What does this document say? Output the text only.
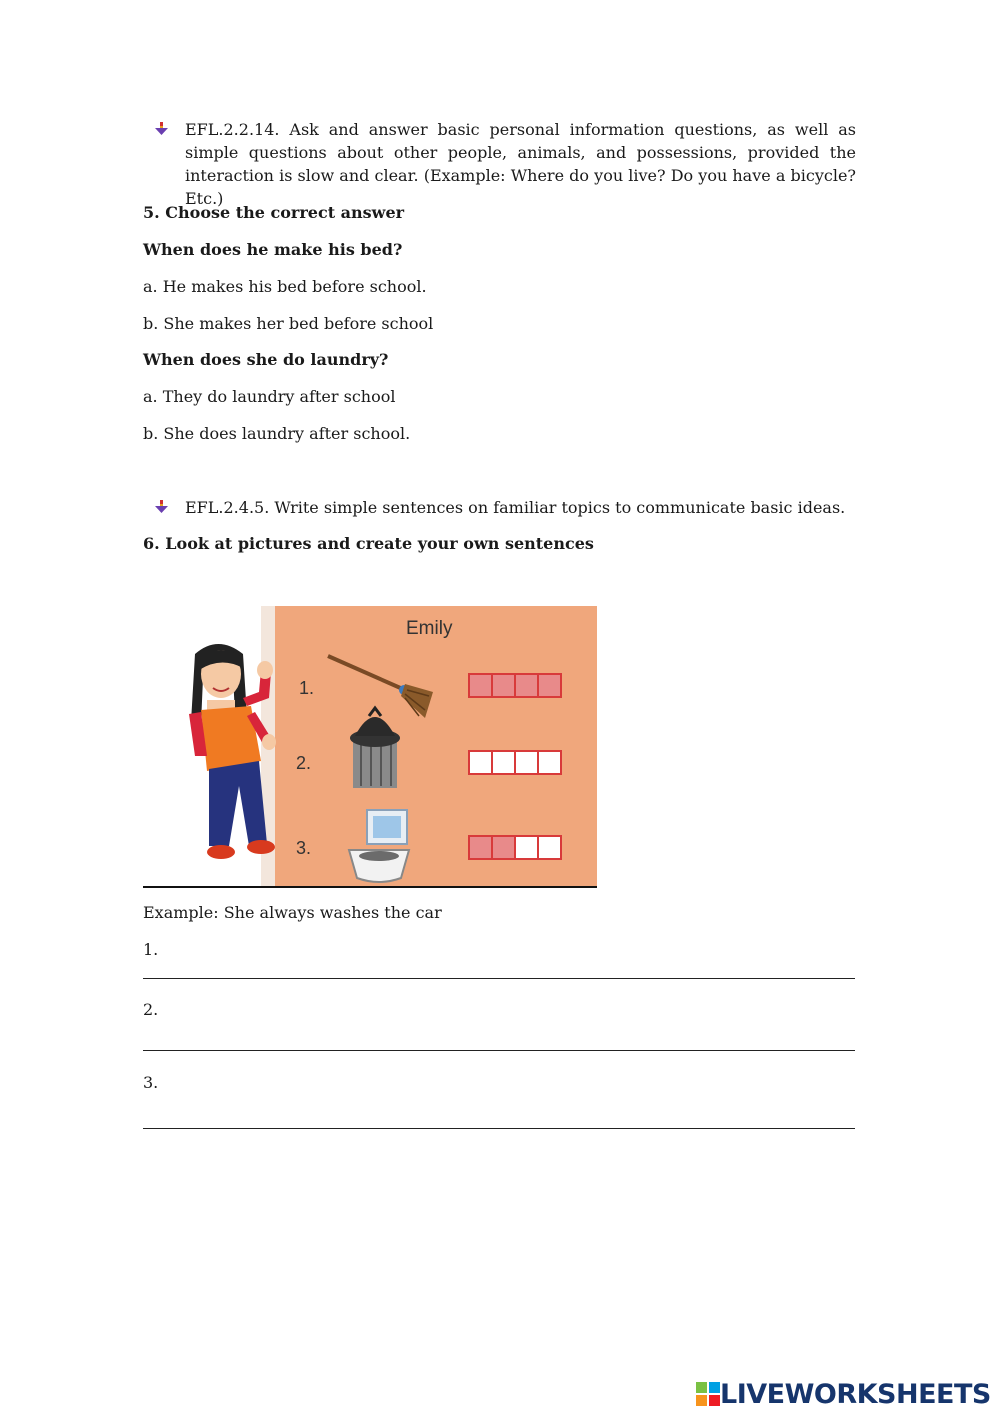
EFL.2.2.14. Ask and answer basic personal information questions, as well as simple questions about other people, animals, and possessions, provided the interaction is slow and clear. (Example: Where do you live? Do you have a bicycle? Etc.)
5. Choose the correct answer
When does he make his bed?
a. He makes his bed before school.
b. She makes her bed before school
When does she do laundry?
a. They do laundry after school
b. She does laundry after school.
EFL.2.4.5. Write simple sentences on familiar topics to communicate basic ideas.
6. Look at pictures and create your own sentences
Emily
1.
2.
3.
Example: She always washes the car
1.
2.
3.
LIVEWORKSHEETS
